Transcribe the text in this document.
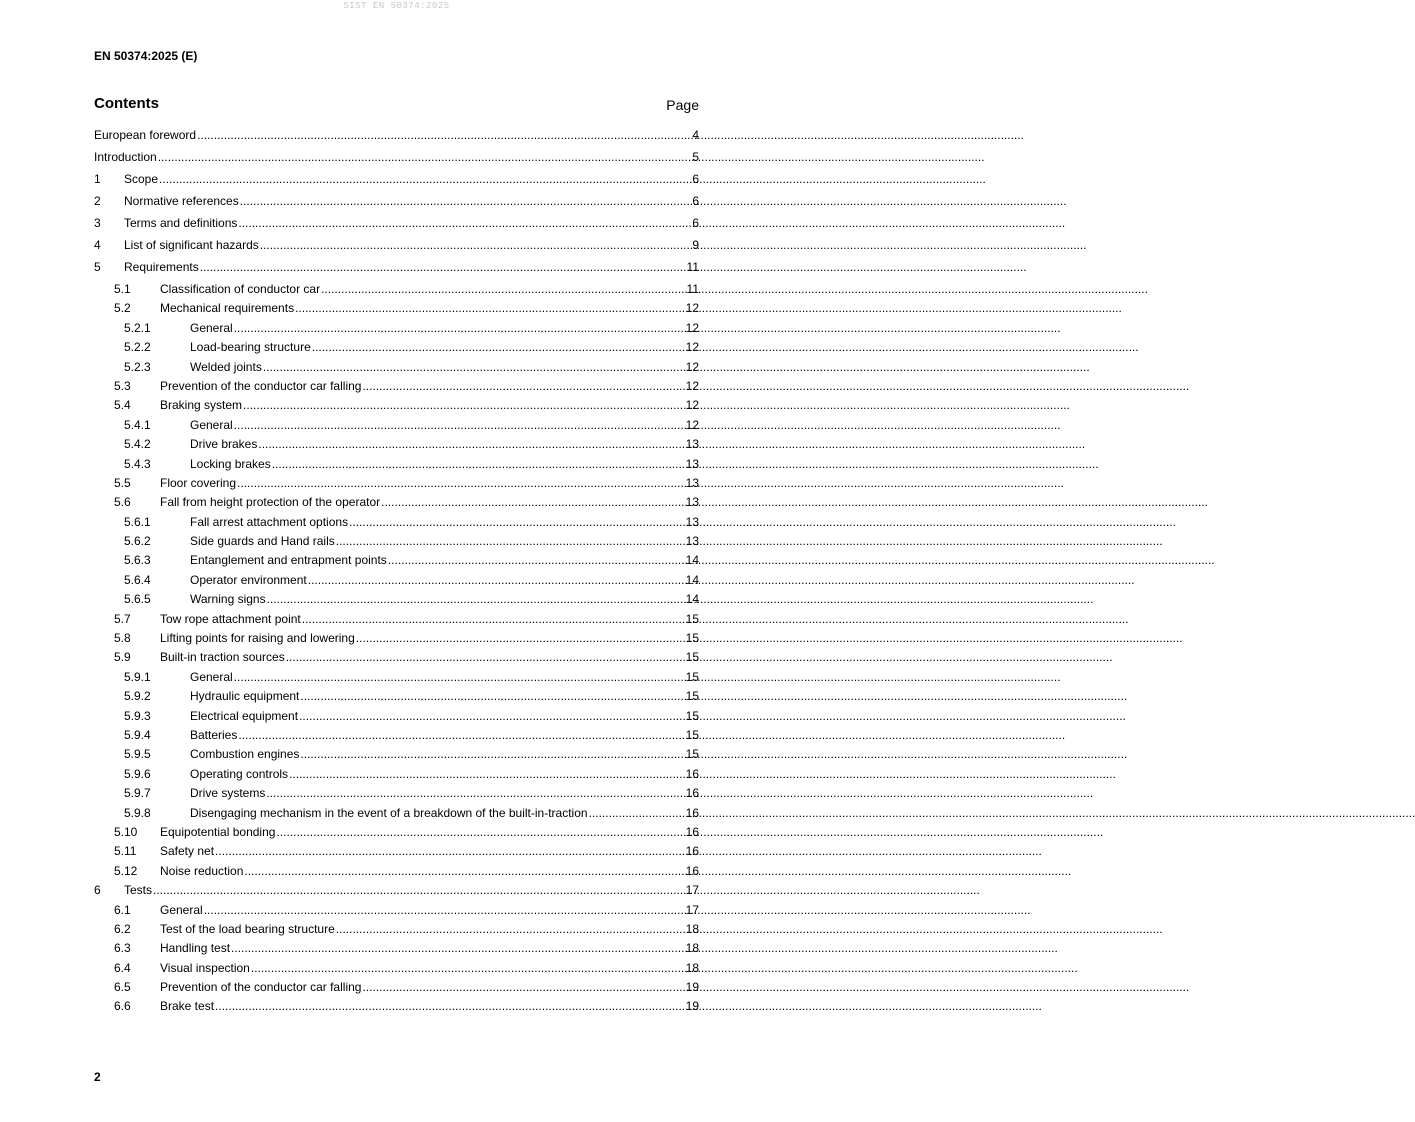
SIST EN 50374:2025
EN 50374:2025 (E)
Contents	Page
European foreword .....	4
Introduction .....	5
1	Scope .....	6
2	Normative references .....	6
3	Terms and definitions .....	6
4	List of significant hazards .....	9
5	Requirements .....	11
5.1	Classification of conductor car .....	11
5.2	Mechanical requirements .....	12
5.2.1	General .....	12
5.2.2	Load-bearing structure .....	12
5.2.3	Welded joints .....	12
5.3	Prevention of the conductor car falling .....	12
5.4	Braking system .....	12
5.4.1	General .....	12
5.4.2	Drive brakes .....	13
5.4.3	Locking brakes .....	13
5.5	Floor covering .....	13
5.6	Fall from height protection of the operator .....	13
5.6.1	Fall arrest attachment options .....	13
5.6.2	Side guards and Hand rails .....	13
5.6.3	Entanglement and entrapment points .....	14
5.6.4	Operator environment .....	14
5.6.5	Warning signs .....	14
5.7	Tow rope attachment point .....	15
5.8	Lifting points for raising and lowering .....	15
5.9	Built-in traction sources .....	15
5.9.1	General .....	15
5.9.2	Hydraulic equipment .....	15
5.9.3	Electrical equipment .....	15
5.9.4	Batteries .....	15
5.9.5	Combustion engines .....	15
5.9.6	Operating controls .....	16
5.9.7	Drive systems .....	16
5.9.8	Disengaging mechanism in the event of a breakdown of the built-in-traction .....	16
5.10	Equipotential bonding .....	16
5.11	Safety net .....	16
5.12	Noise reduction .....	16
6	Tests .....	17
6.1	General .....	17
6.2	Test of the load bearing structure .....	18
6.3	Handling test .....	18
6.4	Visual inspection .....	18
6.5	Prevention of the conductor car falling .....	19
6.6	Brake test .....	19
2
